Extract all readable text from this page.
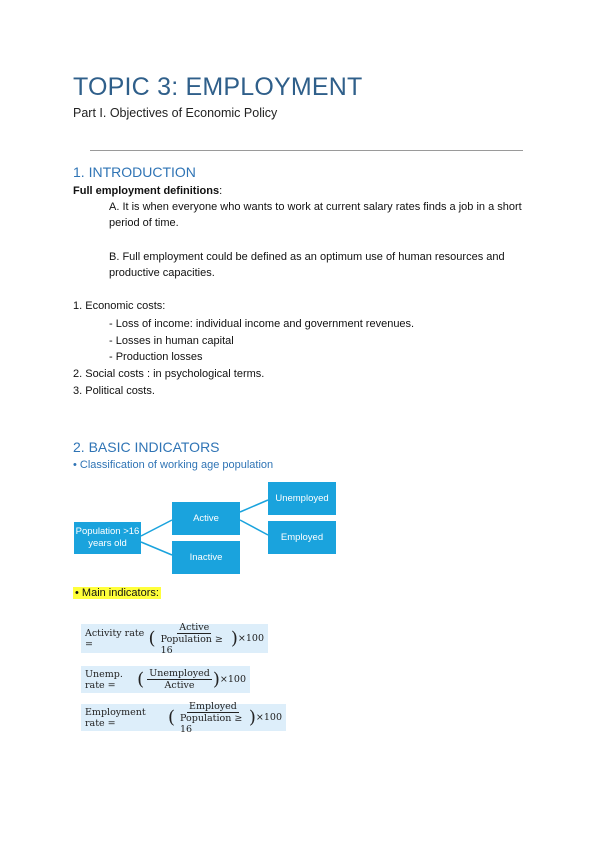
TOPIC 3: EMPLOYMENT
Part I. Objectives of Economic Policy
1. INTRODUCTION
Full employment definitions:
A. It is when everyone who wants to work at current salary rates finds a job in a short period of time.
B. Full employment could be defined as an optimum use of human resources and productive capacities.
1. Economic costs:
- Loss of income: individual income and government revenues.
- Losses in human capital
- Production losses
2. Social costs : in psychological terms.
3. Political costs.
2. BASIC INDICATORS
• Classification of working age population
Population >16 years old
Active
Inactive
Unemployed
Employed
• Main indicators:
Activity rate =	( $\frac{\text{Active}}{\text{Population ≥ 16}}$ ) ×100
Unemp. rate =	( $\frac{\text{Unemployed}}{\text{Active}}$ ) ×100
Employment rate =	( $\frac{\text{Employed}}{\text{Population ≥ 16}}$ ) ×100
